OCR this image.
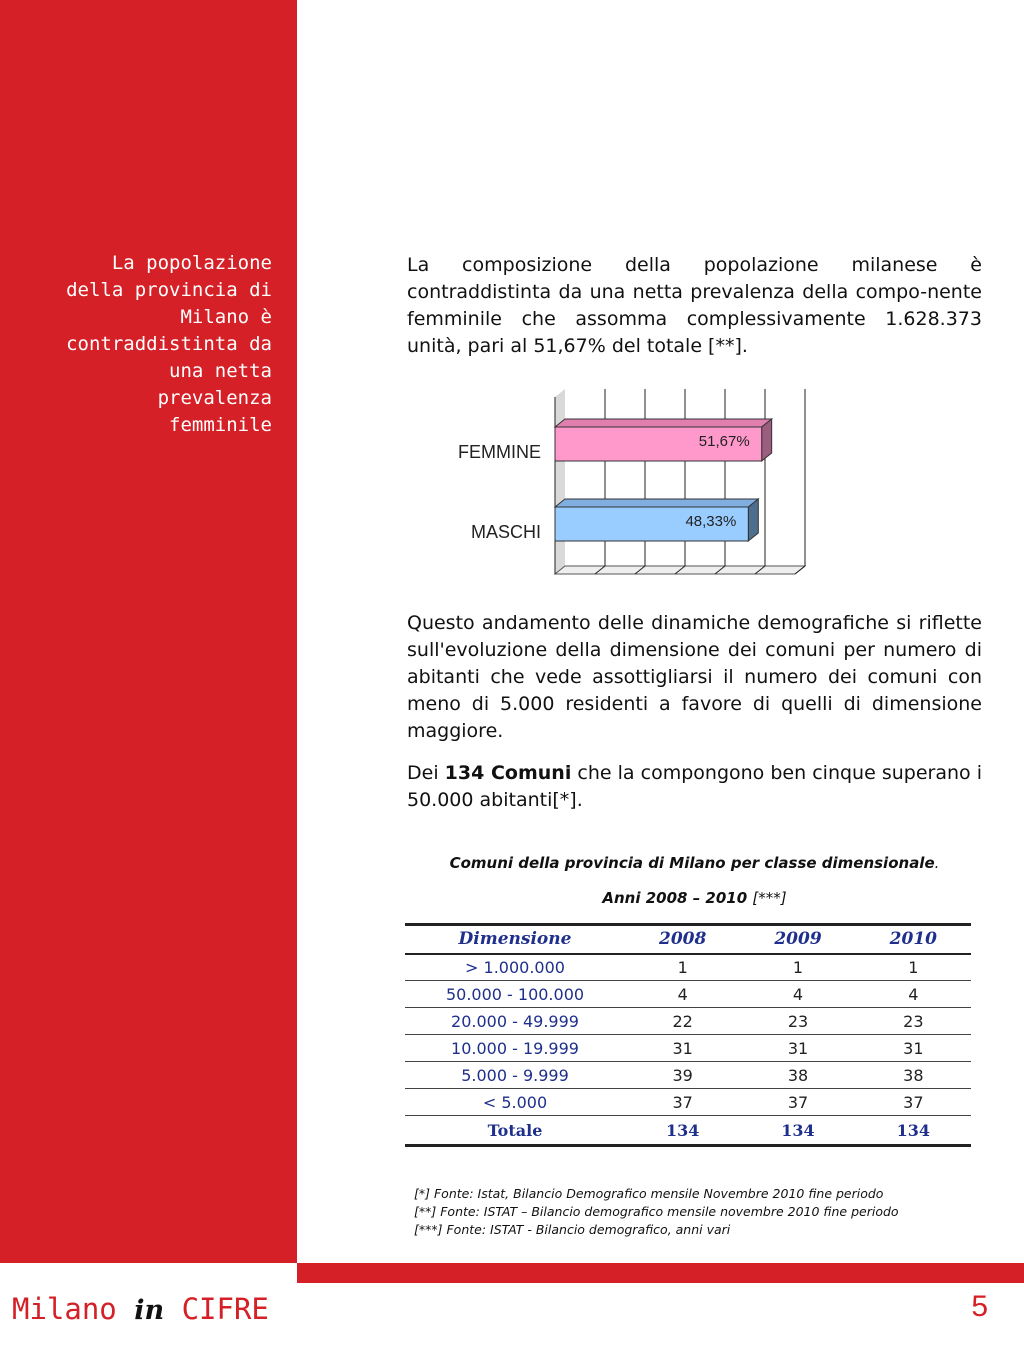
La popolazione
della provincia di
Milano è
contraddistinta da
una netta
prevalenza
femminile

La composizione della popolazione milanese è contraddistinta da una netta prevalenza della compo-nente femminile che assomma complessivamente 1.628.373 unità, pari al 51,67% del totale [**].

51,67%
FEMMINE
48,33%
MASCHI

Questo andamento delle dinamiche demografiche si riflette sull'evoluzione della dimensione dei comuni per numero di abitanti che vede assottigliarsi il numero dei comuni con meno di 5.000 residenti a favore di quelli di dimensione maggiore.

Dei 134 Comuni che la compongono ben cinque superano i 50.000 abitanti[*].

Comuni della provincia di Milano per classe dimensionale.
Anni 2008 – 2010 [***]
Dimensione	2008	2009	2010
> 1.000.000	1	1	1
50.000 - 100.000	4	4	4
20.000 - 49.999	22	23	23
10.000 - 19.999	31	31	31
5.000 - 9.999	39	38	38
< 5.000	37	37	37
Totale	134	134	134
[*] Fonte: Istat, Bilancio Demografico mensile Novembre 2010 fine periodo
[**] Fonte: ISTAT – Bilancio demografico mensile novembre 2010 fine periodo
[***] Fonte: ISTAT - Bilancio demografico, anni vari
Milano in CIFRE	5
